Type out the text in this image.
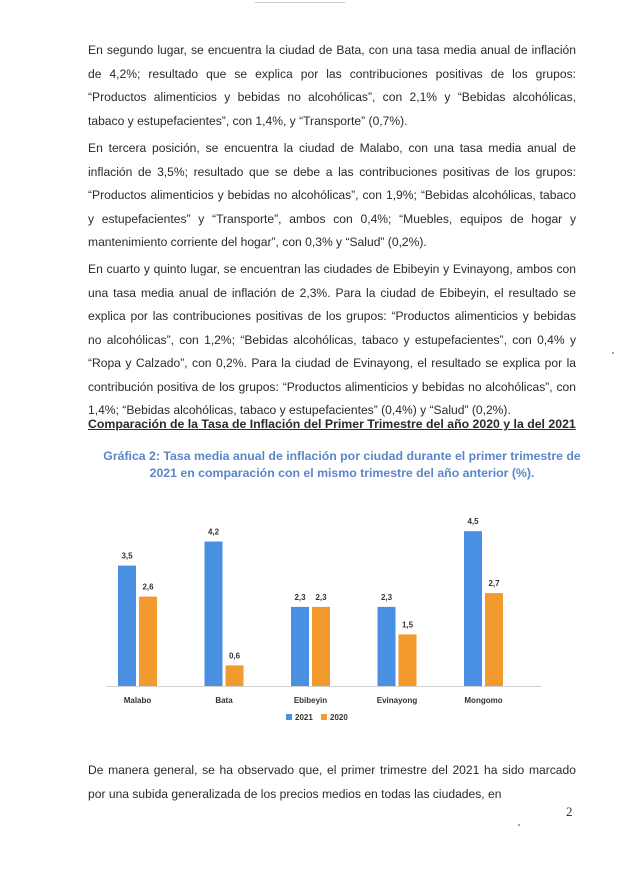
En segundo lugar, se encuentra la ciudad de Bata, con una tasa media anual de inflación de 4,2%; resultado que se explica por las contribuciones positivas de los grupos: “Productos alimenticios y bebidas no alcohólicas”, con 2,1% y “Bebidas alcohólicas, tabaco y estupefacientes”, con 1,4%, y “Transporte” (0,7%).

En tercera posición, se encuentra la ciudad de Malabo, con una tasa media anual de inflación de 3,5%; resultado que se debe a las contribuciones positivas de los grupos: “Productos alimenticios y bebidas no alcohólicas”, con 1,9%; “Bebidas alcohólicas, tabaco y estupefacientes” y “Transporte”, ambos con 0,4%; “Muebles, equipos de hogar y mantenimiento corriente del hogar”, con 0,3% y “Salud” (0,2%).

En cuarto y quinto lugar, se encuentran las ciudades de Ebibeyin y Evinayong, ambos con una tasa media anual de inflación de 2,3%. Para la ciudad de Ebibeyin, el resultado se explica por las contribuciones positivas de los grupos: “Productos alimenticios y bebidas no alcohólicas”, con 1,2%; “Bebidas alcohólicas, tabaco y estupefacientes”, con 0,4% y “Ropa y Calzado”, con 0,2%. Para la ciudad de Evinayong, el resultado se explica por la contribución positiva de los grupos: “Productos alimenticios y bebidas no alcohólicas”, con 1,4%; “Bebidas alcohólicas, tabaco y estupefacientes” (0,4%) y “Salud” (0,2%).

Comparación de la Tasa de Inflación del Primer Trimestre del año 2020 y la del 2021

Gráfica 2: Tasa media anual de inflación por ciudad durante el primer trimestre de 2021 en comparación con el mismo trimestre del año anterior (%).

3,5
2,6
Malabo
4,2
0,6
Bata
2,3 2,3
Ebibeyin
2,3
1,5
Evinayong
4,5
2,7
Mongomo
2021 2020

De manera general, se ha observado que, el primer trimestre del 2021 ha sido marcado por una subida generalizada de los precios medios en todas las ciudades, en

2
